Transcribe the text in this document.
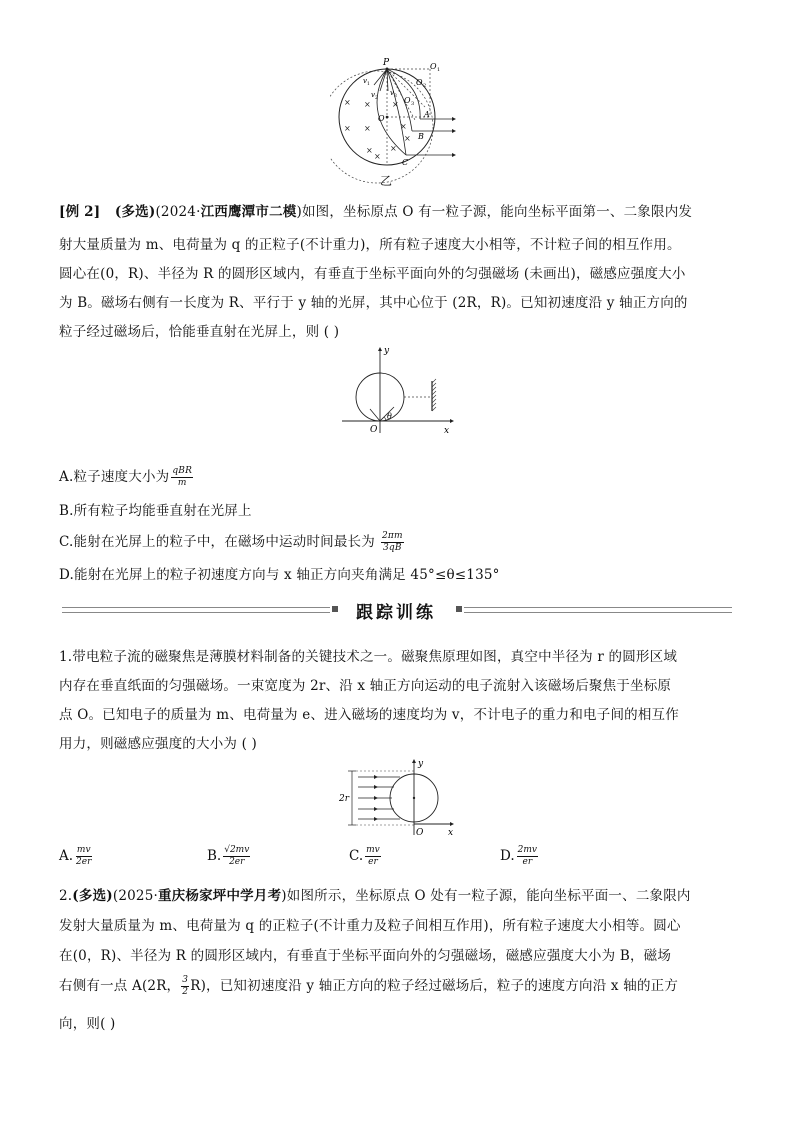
×
×
×
×
×
×
×
×
×
×
P	O 1
O 2
O 3
O	A
B
C
v 1
v 2
v 3
乙
[例 2] (多选)(2024·江西鹰潭市二模)如图，坐标原点 O 有一粒子源，能向坐标平面第一、二象限内发
射大量质量为 m、电荷量为 q 的正粒子(不计重力)，所有粒子速度大小相等，不计粒子间的相互作用。
圆心在(0，R)、半径为 R 的圆形区域内，有垂直于坐标平面向外的匀强磁场 (未画出)，磁感应强度大小
为 B。磁场右侧有一长度为 R、平行于 y 轴的光屏，其中心位于 (2R，R)。已知初速度沿 y 轴正方向的
粒子经过磁场后，恰能垂直射在光屏上，则 ( )
y
x
O
θ
A.粒子速度大小为 $\frac{\text{qBR}}{m}$
B.所有粒子均能垂直射在光屏上
C.能射在光屏上的粒子中，在磁场中运动时间最长为 $\frac{2\pi m}{3qB}$
D.能射在光屏上的粒子初速度方向与 x 轴正方向夹角满足 45°≤θ≤135°
跟踪训练
1.带电粒子流的磁聚焦是薄膜材料制备的关键技术之一。磁聚焦原理如图，真空中半径为 r 的圆形区域
内存在垂直纸面的匀强磁场。一束宽度为 2r、沿 x 轴正方向运动的电子流射入该磁场后聚焦于坐标原
点 O。已知电子的质量为 m、电荷量为 e、进入磁场的速度均为 v，不计电子的重力和电子间的相互作
用力，则磁感应强度的大小为 ( )
2r
y
x
O
A. $\frac{mv}{2er}$	B. $\frac{√2mv}{2er}$	C. $\frac{mv}{er}$	D. $\frac{2mv}{er}$
2.(多选)(2025·重庆杨家坪中学月考)如图所示，坐标原点 O 处有一粒子源，能向坐标平面一、二象限内
发射大量质量为 m、电荷量为 q 的正粒子(不计重力及粒子间相互作用)，所有粒子速度大小相等。圆心
在(0，R)、半径为 R 的圆形区域内，有垂直于坐标平面向外的匀强磁场，磁感应强度大小为 B，磁场
右侧有一点 A(2R， $\frac{3}{2} R$)，已知初速度沿 y 轴正方向的粒子经过磁场后，粒子的速度方向沿 x 轴的正方
向，则( )
